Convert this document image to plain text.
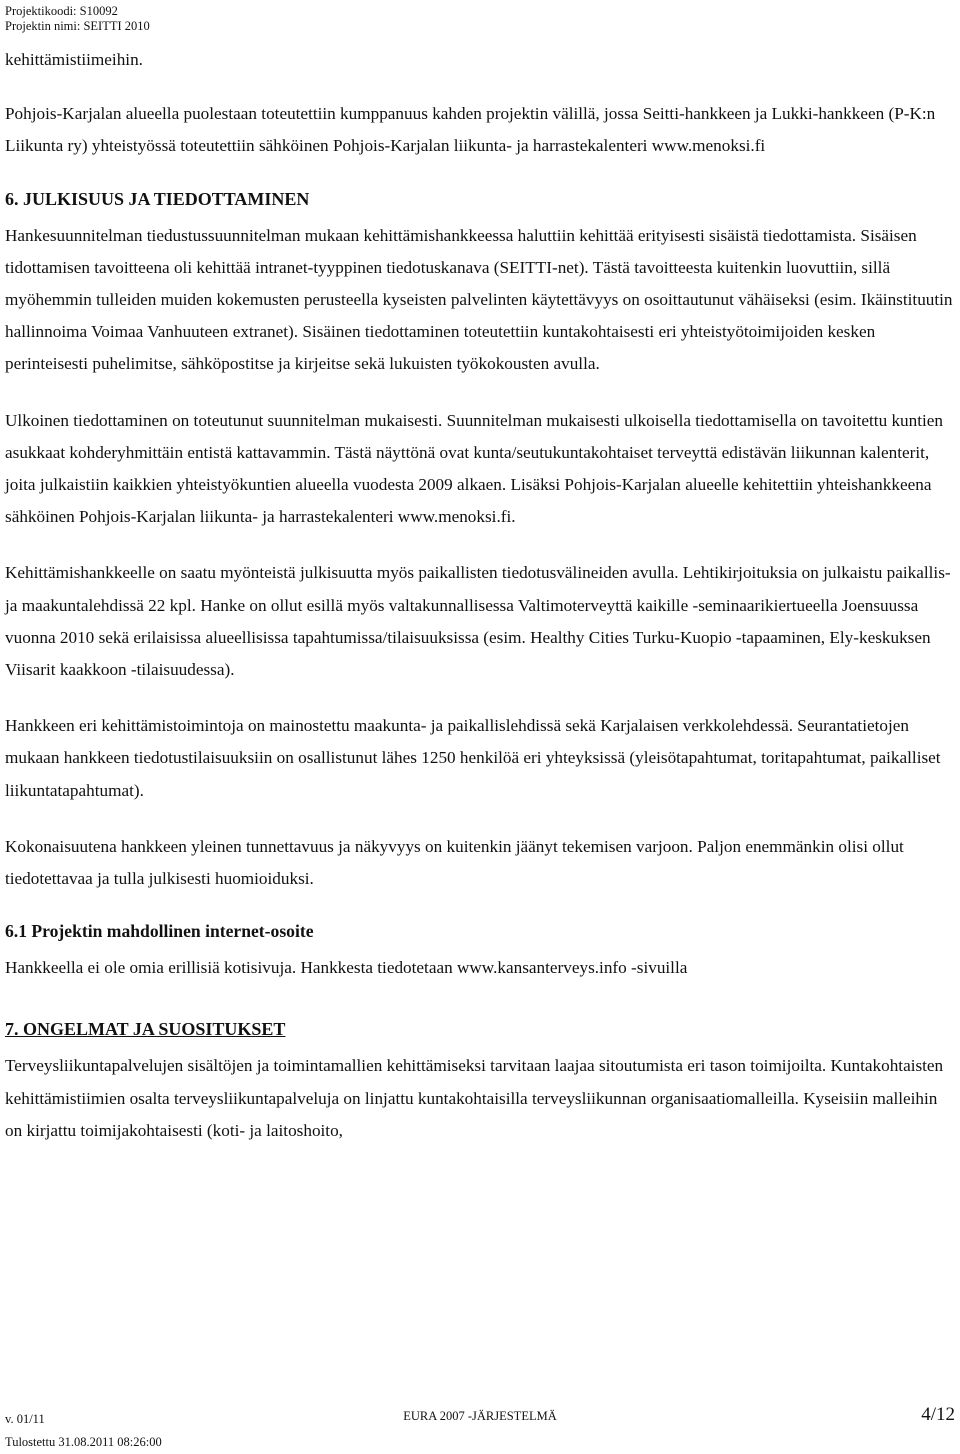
Projektikoodi: S10092
Projektin nimi: SEITTI 2010

kehittämistiimeihin.

Pohjois-Karjalan alueella puolestaan toteutettiin kumppanuus kahden projektin välillä, jossa Seitti-hankkeen ja Lukki-hankkeen (P-K:n Liikunta ry) yhteistyössä toteutettiin sähköinen Pohjois-Karjalan liikunta- ja harrastekalenteri www.menoksi.fi

6. JULKISUUS JA TIEDOTTAMINEN

Hankesuunnitelman tiedustussuunnitelman mukaan kehittämishankkeessa haluttiin kehittää erityisesti sisäistä tiedottamista. Sisäisen tidottamisen tavoitteena oli kehittää intranet-tyyppinen tiedotuskanava (SEITTI-net). Tästä tavoitteesta kuitenkin luovuttiin, sillä myöhemmin tulleiden muiden kokemusten perusteella kyseisten palvelinten käytettävyys on osoittautunut vähäiseksi (esim. Ikäinstituutin hallinnoima Voimaa Vanhuuteen extranet). Sisäinen tiedottaminen toteutettiin kuntakohtaisesti eri yhteistyötoimijoiden kesken perinteisesti puhelimitse, sähköpostitse ja kirjeitse sekä lukuisten työkokousten avulla.

Ulkoinen tiedottaminen on toteutunut suunnitelman mukaisesti. Suunnitelman mukaisesti ulkoisella tiedottamisella on tavoitettu kuntien asukkaat kohderyhmittäin entistä kattavammin. Tästä näyttönä ovat kunta/seutukuntakohtaiset terveyttä edistävän liikunnan kalenterit, joita julkaistiin kaikkien yhteistyökuntien alueella vuodesta 2009 alkaen. Lisäksi Pohjois-Karjalan alueelle kehitettiin yhteishankkeena sähköinen Pohjois-Karjalan liikunta- ja harrastekalenteri www.menoksi.fi.

Kehittämishankkeelle on saatu myönteistä julkisuutta myös paikallisten tiedotusvälineiden avulla. Lehtikirjoituksia on julkaistu paikallis- ja maakuntalehdissä 22 kpl. Hanke on ollut esillä myös valtakunnallisessa Valtimoterveyttä kaikille -seminaarikiertueella Joensuussa vuonna 2010 sekä erilaisissa alueellisissa tapahtumissa/tilaisuuksissa (esim. Healthy Cities Turku-Kuopio -tapaaminen, Ely-keskuksen Viisarit kaakkoon -tilaisuudessa).

Hankkeen eri kehittämistoimintoja on mainostettu maakunta- ja paikallislehdissä sekä Karjalaisen verkkolehdessä. Seurantatietojen mukaan hankkeen tiedotustilaisuuksiin on osallistunut lähes 1250 henkilöä eri yhteyksissä (yleisötapahtumat, toritapahtumat, paikalliset liikuntatapahtumat).

Kokonaisuutena hankkeen yleinen tunnettavuus ja näkyvyys on kuitenkin jäänyt tekemisen varjoon. Paljon enemmänkin olisi ollut tiedotettavaa ja tulla julkisesti huomioiduksi.

6.1 Projektin mahdollinen internet-osoite

Hankkeella ei ole omia erillisiä kotisivuja. Hankkesta tiedotetaan www.kansanterveys.info -sivuilla

7. ONGELMAT JA SUOSITUKSET

Terveysliikuntapalvelujen sisältöjen ja toimintamallien kehittämiseksi tarvitaan laajaa sitoutumista eri tason toimijoilta. Kuntakohtaisten kehittämistiimien osalta terveysliikuntapalveluja on linjattu kuntakohtaisilla terveysliikunnan organisaatiomalleilla. Kyseisiin malleihin on kirjattu toimijakohtaisesti (koti- ja laitoshoito,

v. 01/11
Tulostettu 31.08.2011 08:26:00
EURA 2007 -JÄRJESTELMÄ	4/12
